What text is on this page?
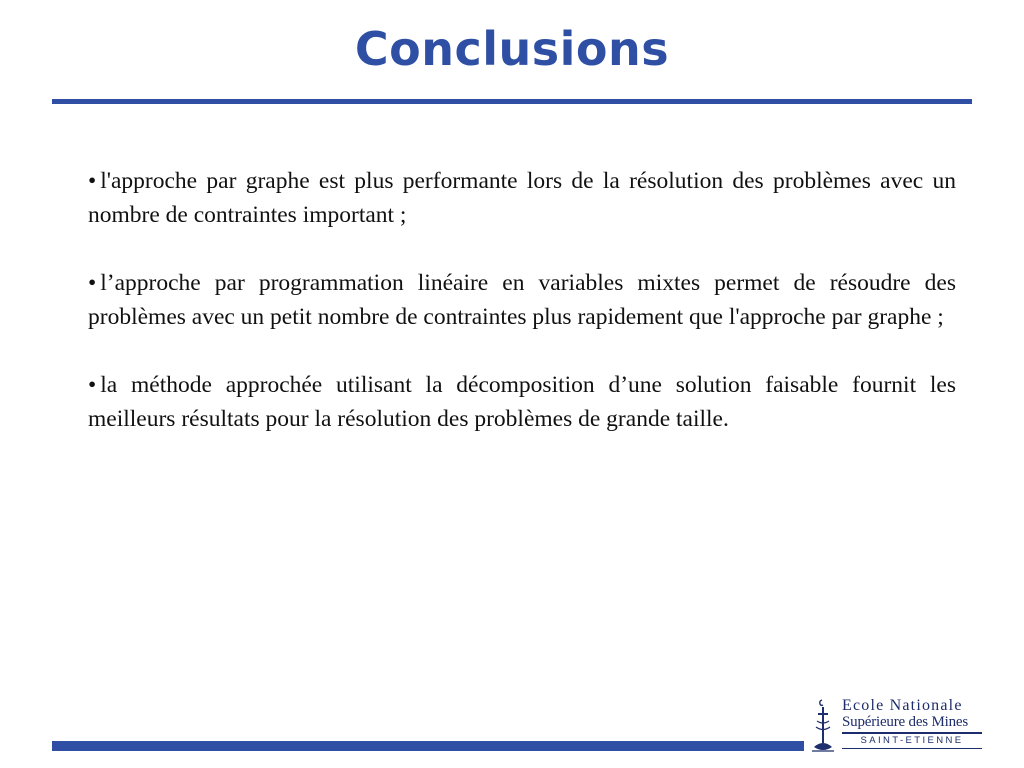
Conclusions

• l'approche par graphe est plus performante lors de la résolution des problèmes avec un nombre de contraintes important ;

• l’approche par programmation linéaire en variables mixtes permet de résoudre des problèmes avec un petit nombre de contraintes plus rapidement que l'approche par graphe ;

• la méthode approchée utilisant la décomposition d’une solution faisable fournit les meilleurs résultats pour la résolution des problèmes de grande taille.

Ecole Nationale
Supérieure des Mines
SAINT-ETIENNE
